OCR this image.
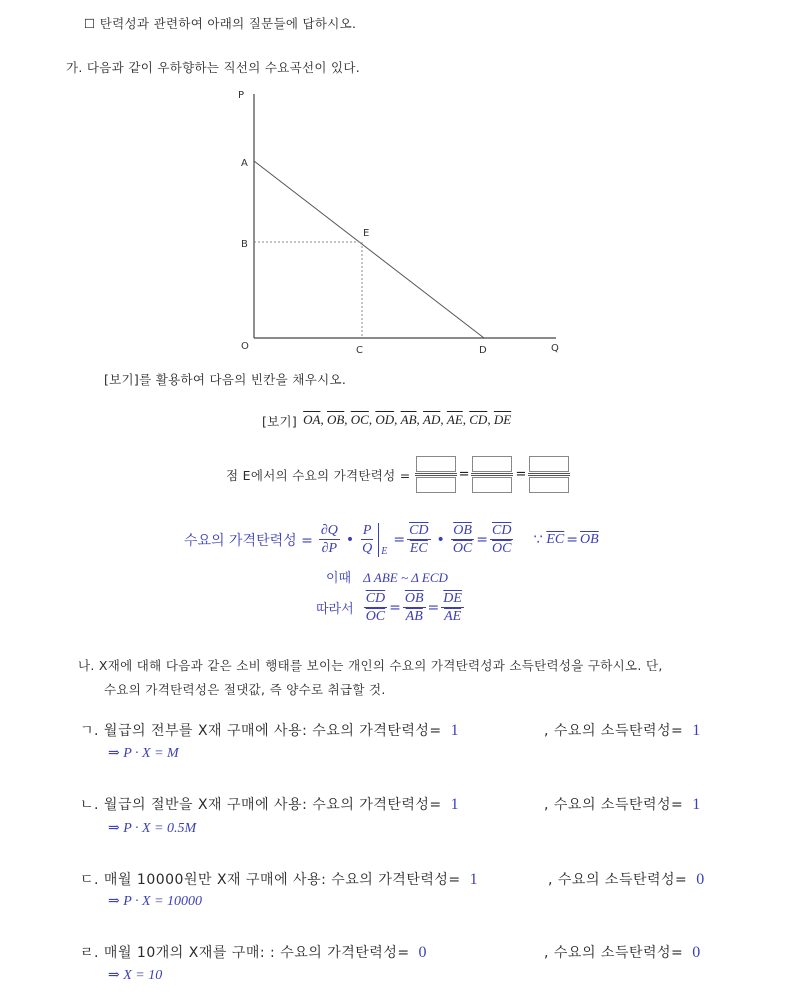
☐ 탄력성과 관련하여 아래의 질문들에 답하시오.
가. 다음과 같이 우하향하는 직선의 수요곡선이 있다.
P
A
B
E
O	C	D	Q
[보기]를 활용하여 다음의 빈칸을 채우시오.
[보기] $\overline{OA}$ , $\overline{OB}$ , $\overline{OC}$ , $\overline{OD}$ , $\overline{AB}$ , $\overline{AD}$ , $\overline{AE}$ , $\overline{CD}$ , $\overline{DE}$
점 E에서의 수요의 가격탄력성 =	=	=
수요의 가격탄력성 = $\frac{\partial Q}{\partial P}$ • $\frac{P}{Q}$ E
= $\frac{\overline{CD}}{EC}$ • $\frac{\overline{OB}}{OC} = \frac{\overline{CD}}{OC}$ ∵ $\overline{EC} = \overline{OB}$
이때 Δ ABE ~ Δ ECD
따라서 $\frac{\overline{CD}}{OC} = \frac{\overline{OB}}{AB} = \frac{\overline{DE}}{AE}$
나. X재에 대해 다음과 같은 소비 행태를 보이는 개인의 수요의 가격탄력성과 소득탄력성을 구하시오. 단,
수요의 가격탄력성은 절댓값, 즉 양수로 취급할 것.
ㄱ. 월급의 전부를 X재 구매에 사용: 수요의 가격탄력성= 1	, 수요의 소득탄력성= 1
⇒ P · X = M
ㄴ. 월급의 절반을 X재 구매에 사용: 수요의 가격탄력성= 1	, 수요의 소득탄력성= 1
⇒ P · X = 0.5M
ㄷ. 매월 10000원만 X재 구매에 사용: 수요의 가격탄력성= 1	, 수요의 소득탄력성= 0
⇒ P · X = 10000
ㄹ. 매월 10개의 X재를 구매: : 수요의 가격탄력성= 0	, 수요의 소득탄력성= 0
⇒ X = 10
